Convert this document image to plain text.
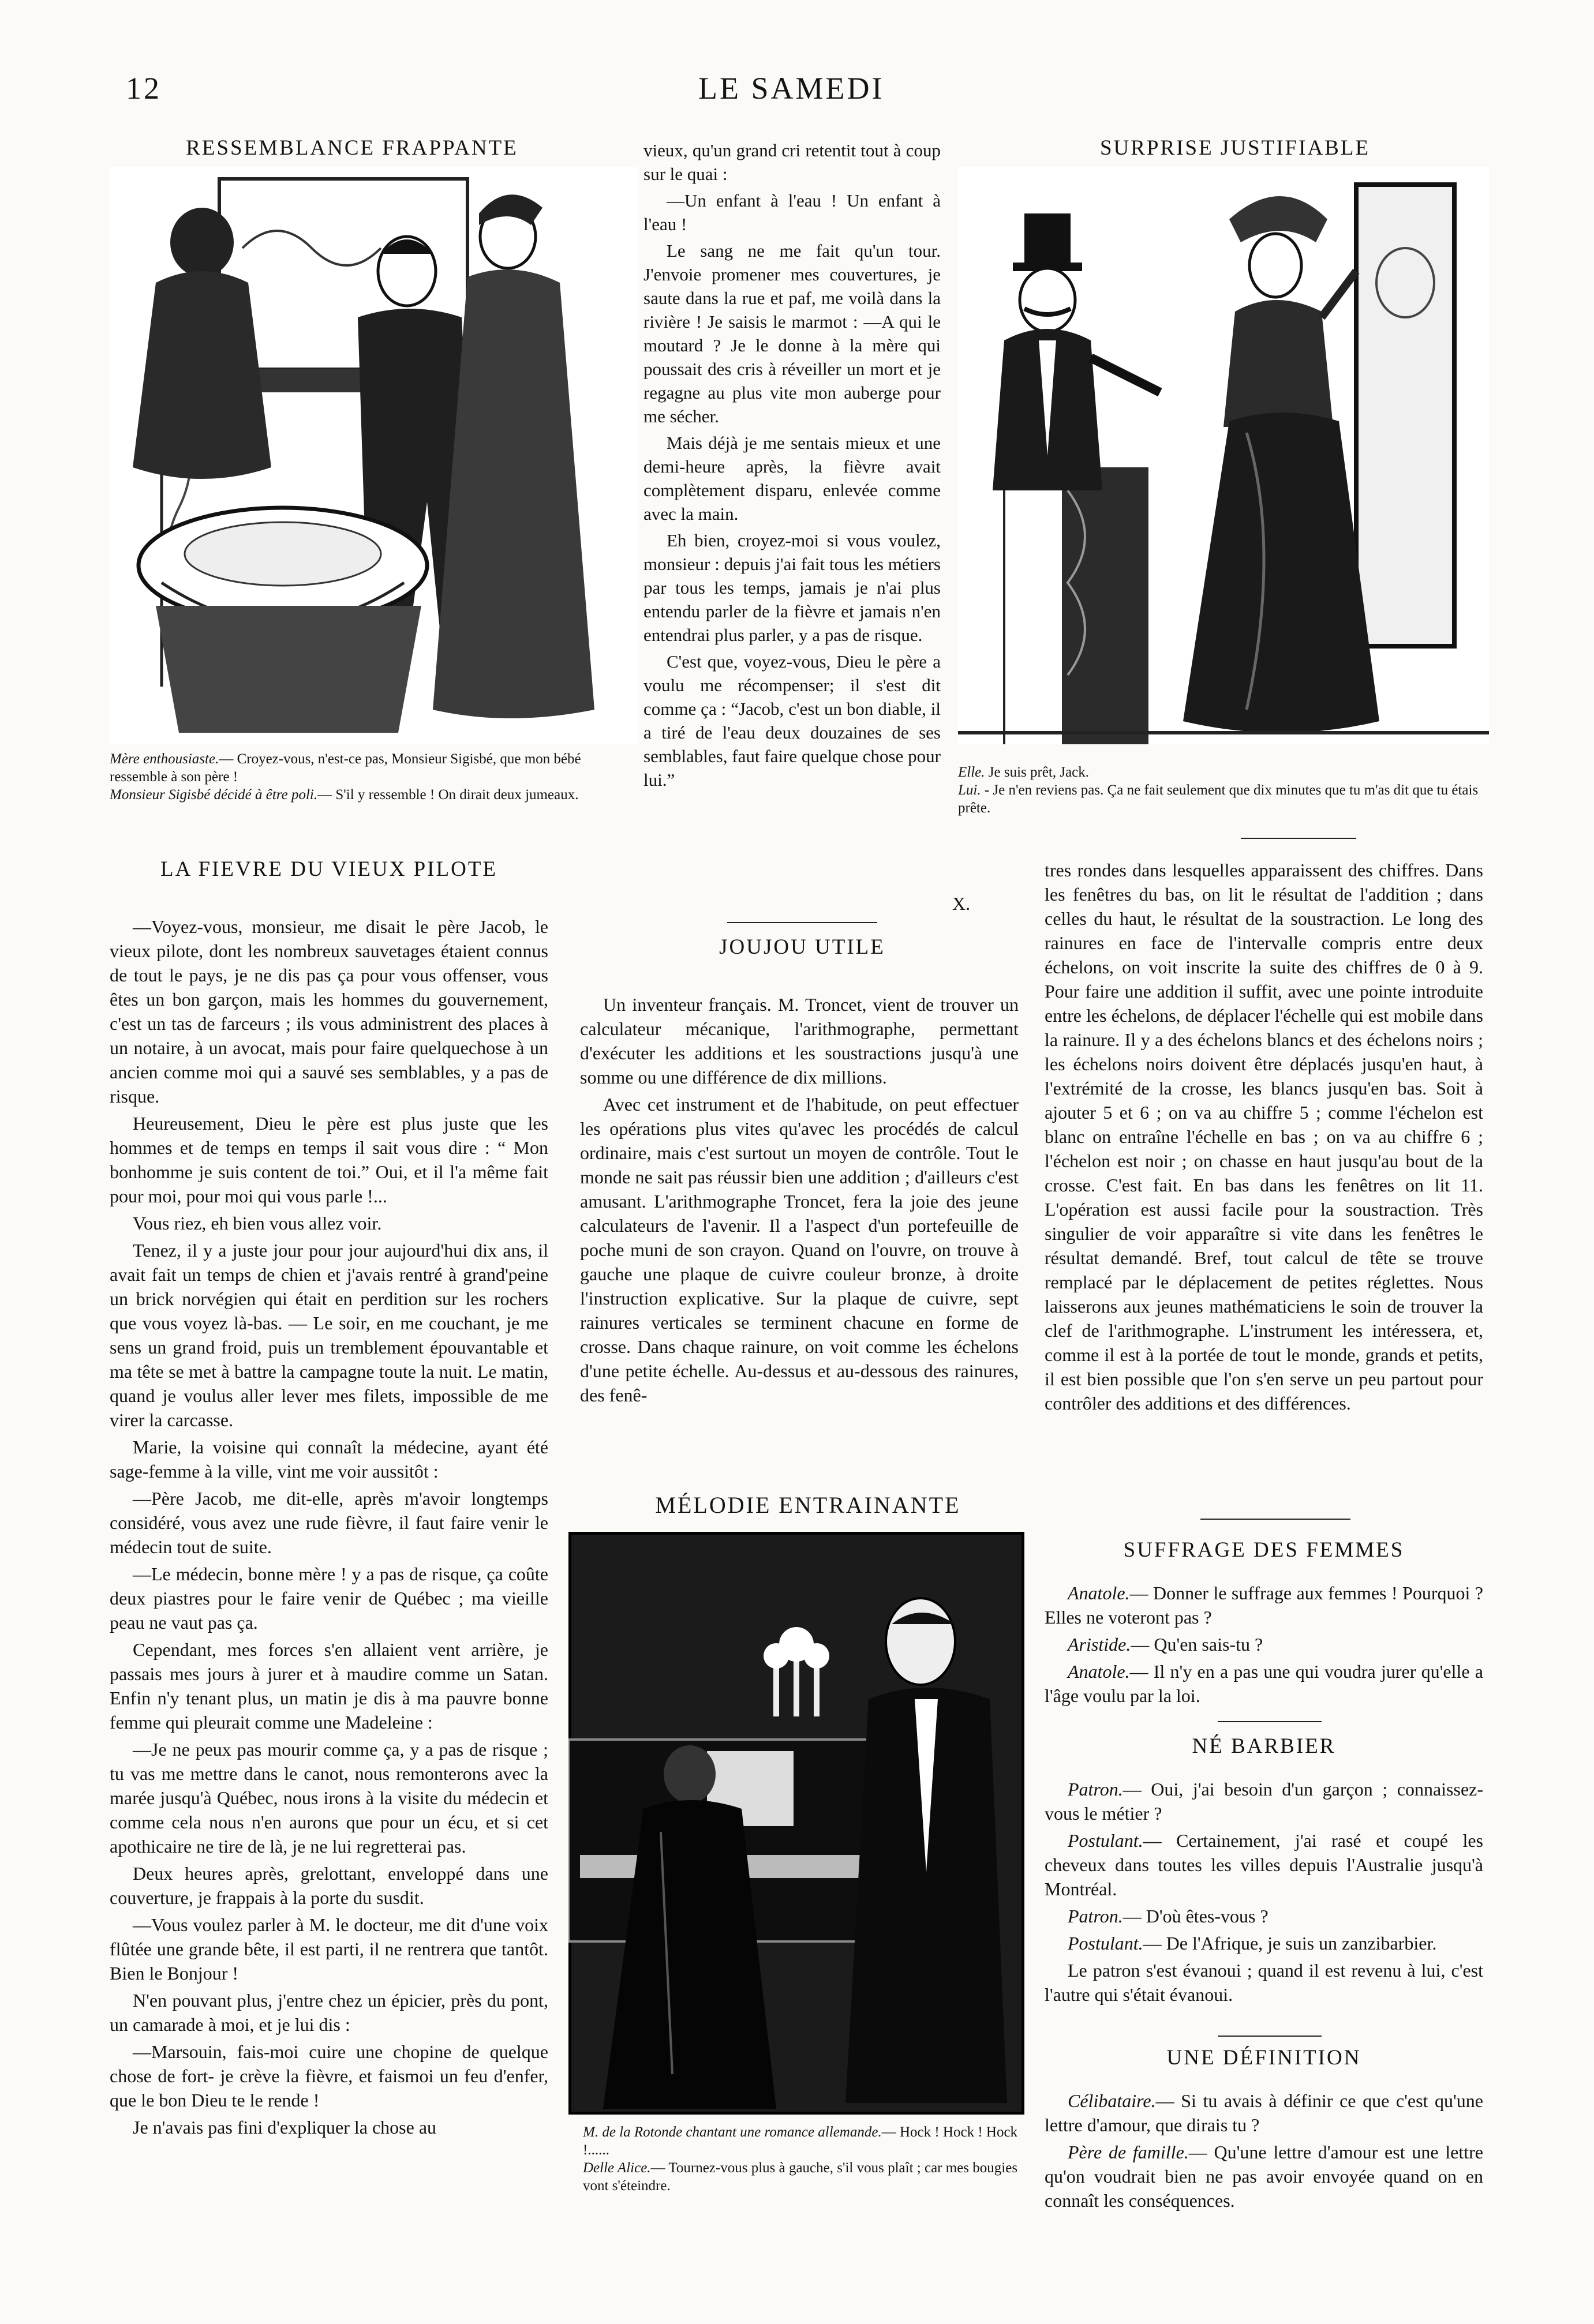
12	LE SAMEDI
RESSEMBLANCE FRAPPANTE

Mère enthousiaste.— Croyez-vous, n'est-ce pas, Monsieur Sigisbé, que mon bébé ressemble à son père !

Monsieur Sigisbé décidé à être poli.— S'il y ressemble ! On dirait deux jumeaux.

LA FIEVRE DU VIEUX PILOTE

—Voyez-vous, monsieur, me disait le père Jacob, le vieux pilote, dont les nombreux sauvetages étaient connus de tout le pays, je ne dis pas ça pour vous offenser, vous êtes un bon garçon, mais les hommes du gouvernement, c'est un tas de farceurs ; ils vous administrent des places à un notaire, à un avocat, mais pour faire quelquechose à un ancien comme moi qui a sauvé ses semblables, y a pas de risque.

Heureusement, Dieu le père est plus juste que les hommes et de temps en temps il sait vous dire : “ Mon bonhomme je suis content de toi.” Oui, et il l'a même fait pour moi, pour moi qui vous parle !...

Vous riez, eh bien vous allez voir.

Tenez, il y a juste jour pour jour aujourd'hui dix ans, il avait fait un temps de chien et j'avais rentré à grand'peine un brick norvégien qui était en perdition sur les rochers que vous voyez là-bas. — Le soir, en me couchant, je me sens un grand froid, puis un tremblement épouvantable et ma tête se met à battre la campagne toute la nuit. Le matin, quand je voulus aller lever mes filets, impossible de me virer la carcasse.

Marie, la voisine qui connaît la médecine, ayant été sage-femme à la ville, vint me voir aussitôt :

—Père Jacob, me dit-elle, après m'avoir longtemps considéré, vous avez une rude fièvre, il faut faire venir le médecin tout de suite.

—Le médecin, bonne mère ! y a pas de risque, ça coûte deux piastres pour le faire venir de Québec ; ma vieille peau ne vaut pas ça.

Cependant, mes forces s'en allaient vent arrière, je passais mes jours à jurer et à maudire comme un Satan. Enfin n'y tenant plus, un matin je dis à ma pauvre bonne femme qui pleurait comme une Madeleine :

—Je ne peux pas mourir comme ça, y a pas de risque ; tu vas me mettre dans le canot, nous remonterons avec la marée jusqu'à Québec, nous irons à la visite du médecin et comme cela nous n'en aurons que pour un écu, et si cet apothicaire ne tire de là, je ne lui regretterai pas.

Deux heures après, grelottant, enveloppé dans une couverture, je frappais à la porte du susdit.

—Vous voulez parler à M. le docteur, me dit d'une voix flûtée une grande bête, il est parti, il ne rentrera que tantôt. Bien le Bonjour !

N'en pouvant plus, j'entre chez un épicier, près du pont, un camarade à moi, et je lui dis :

—Marsouin, fais-moi cuire une chopine de quelque chose de fort- je crève la fièvre, et faismoi un feu d'enfer, que le bon Dieu te le rende !

Je n'avais pas fini d'expliquer la chose au

vieux, qu'un grand cri retentit tout à coup sur le quai :

—Un enfant à l'eau ! Un enfant à l'eau !

Le sang ne me fait qu'un tour. J'envoie promener mes couvertures, je saute dans la rue et paf, me voilà dans la rivière ! Je saisis le marmot : —A qui le moutard ? Je le donne à la mère qui poussait des cris à réveiller un mort et je regagne au plus vite mon auberge pour me sécher.

Mais déjà je me sentais mieux et une demi-heure après, la fièvre avait complètement disparu, enlevée comme avec la main.

Eh bien, croyez-moi si vous voulez, monsieur : depuis j'ai fait tous les métiers par tous les temps, jamais je n'ai plus entendu parler de la fièvre et jamais n'en entendrai plus parler, y a pas de risque.

C'est que, voyez-vous, Dieu le père a voulu me récompenser; il s'est dit comme ça : “Jacob, c'est un bon diable, il a tiré de l'eau deux douzaines de ses semblables, faut faire quelque chose pour lui.”

X.
SURPRISE JUSTIFIABLE

Elle. Je suis prêt, Jack.

Lui. - Je n'en reviens pas. Ça ne fait seulement que dix minutes que tu m'as dit que tu étais prête.

JOUJOU UTILE

Un inventeur français. M. Troncet, vient de trouver un calculateur mécanique, l'arithmographe, permettant d'exécuter les additions et les soustractions jusqu'à une somme ou une différence de dix millions.

Avec cet instrument et de l'habitude, on peut effectuer les opérations plus vites qu'avec les procédés de calcul ordinaire, mais c'est surtout un moyen de contrôle. Tout le monde ne sait pas réussir bien une addition ; d'ailleurs c'est amusant. L'arithmographe Troncet, fera la joie des jeune calculateurs de l'avenir. Il a l'aspect d'un portefeuille de poche muni de son crayon. Quand on l'ouvre, on trouve à gauche une plaque de cuivre couleur bronze, à droite l'instruction explicative. Sur la plaque de cuivre, sept rainures verticales se terminent chacune en forme de crosse. Dans chaque rainure, on voit comme les échelons d'une petite échelle. Au-dessus et au-dessous des rainures, des fenê-

tres rondes dans lesquelles apparaissent des chiffres. Dans les fenêtres du bas, on lit le résultat de l'addition ; dans celles du haut, le résultat de la soustraction. Le long des rainures en face de l'intervalle compris entre deux échelons, on voit inscrite la suite des chiffres de 0 à 9. Pour faire une addition il suffit, avec une pointe introduite entre les échelons, de déplacer l'échelle qui est mobile dans la rainure. Il y a des échelons blancs et des échelons noirs ; les échelons noirs doivent être déplacés jusqu'en haut, à l'extrémité de la crosse, les blancs jusqu'en bas. Soit à ajouter 5 et 6 ; on va au chiffre 5 ; comme l'échelon est blanc on entraîne l'échelle en bas ; on va au chiffre 6 ; l'échelon est noir ; on chasse en haut jusqu'au bout de la crosse. C'est fait. En bas dans les fenêtres on lit 11. L'opération est aussi facile pour la soustraction. Très singulier de voir apparaître si vite dans les fenêtres le résultat demandé. Bref, tout calcul de tête se trouve remplacé par le déplacement de petites réglettes. Nous laisserons aux jeunes mathématiciens le soin de trouver la clef de l'arithmographe. L'instrument les intéressera, et, comme il est à la portée de tout le monde, grands et petits, il est bien possible que l'on s'en serve un peu partout pour contrôler des additions et des différences.

MÉLODIE ENTRAINANTE

M. de la Rotonde chantant une romance allemande.— Hock ! Hock ! Hock !......

Delle Alice.— Tournez-vous plus à gauche, s'il vous plaît ; car mes bougies vont s'éteindre.

SUFFRAGE DES FEMMES

Anatole.— Donner le suffrage aux femmes ! Pourquoi ? Elles ne voteront pas ?

Aristide.— Qu'en sais-tu ?

Anatole.— Il n'y en a pas une qui voudra jurer qu'elle a l'âge voulu par la loi.

NÉ BARBIER

Patron.— Oui, j'ai besoin d'un garçon ; connaissez-vous le métier ?

Postulant.— Certainement, j'ai rasé et coupé les cheveux dans toutes les villes depuis l'Australie jusqu'à Montréal.

Patron.— D'où êtes-vous ?

Postulant.— De l'Afrique, je suis un zanzibarbier.

Le patron s'est évanoui ; quand il est revenu à lui, c'est l'autre qui s'était évanoui.

UNE DÉFINITION

Célibataire.— Si tu avais à définir ce que c'est qu'une lettre d'amour, que dirais tu ?

Père de famille.— Qu'une lettre d'amour est une lettre qu'on voudrait bien ne pas avoir envoyée quand on en connaît les conséquences.
